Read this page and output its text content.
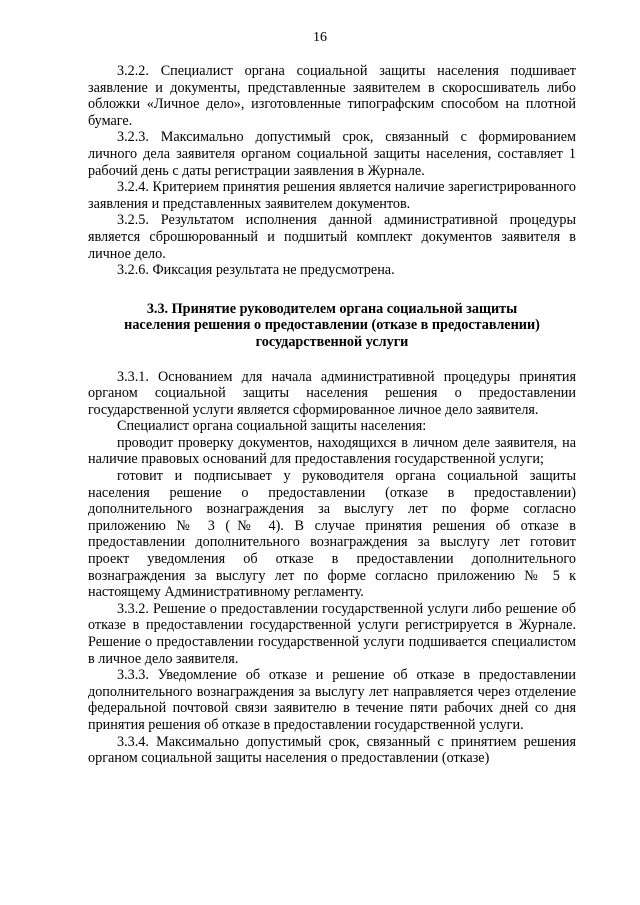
16

3.2.2. Специалист органа социальной защиты населения подшивает заявление и документы, представленные заявителем в скоросшиватель либо обложки «Личное дело», изготовленные типографским способом на плотной бумаге.

3.2.3. Максимально допустимый срок, связанный с формированием личного дела заявителя органом социальной защиты населения, составляет 1 рабочий день с даты регистрации заявления в Журнале.

3.2.4. Критерием принятия решения является наличие зарегистрированного заявления и представленных заявителем документов.

3.2.5. Результатом исполнения данной административной процедуры является сброшюрованный и подшитый комплект документов заявителя в личное дело.

3.2.6. Фиксация результата не предусмотрена.

3.3. Принятие руководителем органа социальной защиты
населения решения о предоставлении (отказе в предоставлении)
государственной услуги

3.3.1. Основанием для начала административной процедуры принятия органом социальной защиты населения решения о предоставлении государственной услуги является сформированное личное дело заявителя.

Специалист органа социальной защиты населения:

проводит проверку документов, находящихся в личном деле заявителя, на наличие правовых оснований для предоставления государственной услуги;

готовит и подписывает у руководителя органа социальной защиты населения решение о предоставлении (отказе в предоставлении) дополнительного вознаграждения за выслугу лет по форме согласно приложению № 3 (№ 4). В случае принятия решения об отказе в предоставлении дополнительного вознаграждения за выслугу лет готовит проект уведомления об отказе в предоставлении дополнительного вознаграждения за выслугу лет по форме согласно приложению № 5 к настоящему Административному регламенту.

3.3.2. Решение о предоставлении государственной услуги либо решение об отказе в предоставлении государственной услуги регистрируется в Журнале. Решение о предоставлении государственной услуги подшивается специалистом в личное дело заявителя.

3.3.3. Уведомление об отказе и решение об отказе в предоставлении дополнительного вознаграждения за выслугу лет направляется через отделение федеральной почтовой связи заявителю в течение пяти рабочих дней со дня принятия решения об отказе в предоставлении государственной услуги.

3.3.4. Максимально допустимый срок, связанный с принятием решения органом социальной защиты населения о предоставлении (отказе)
